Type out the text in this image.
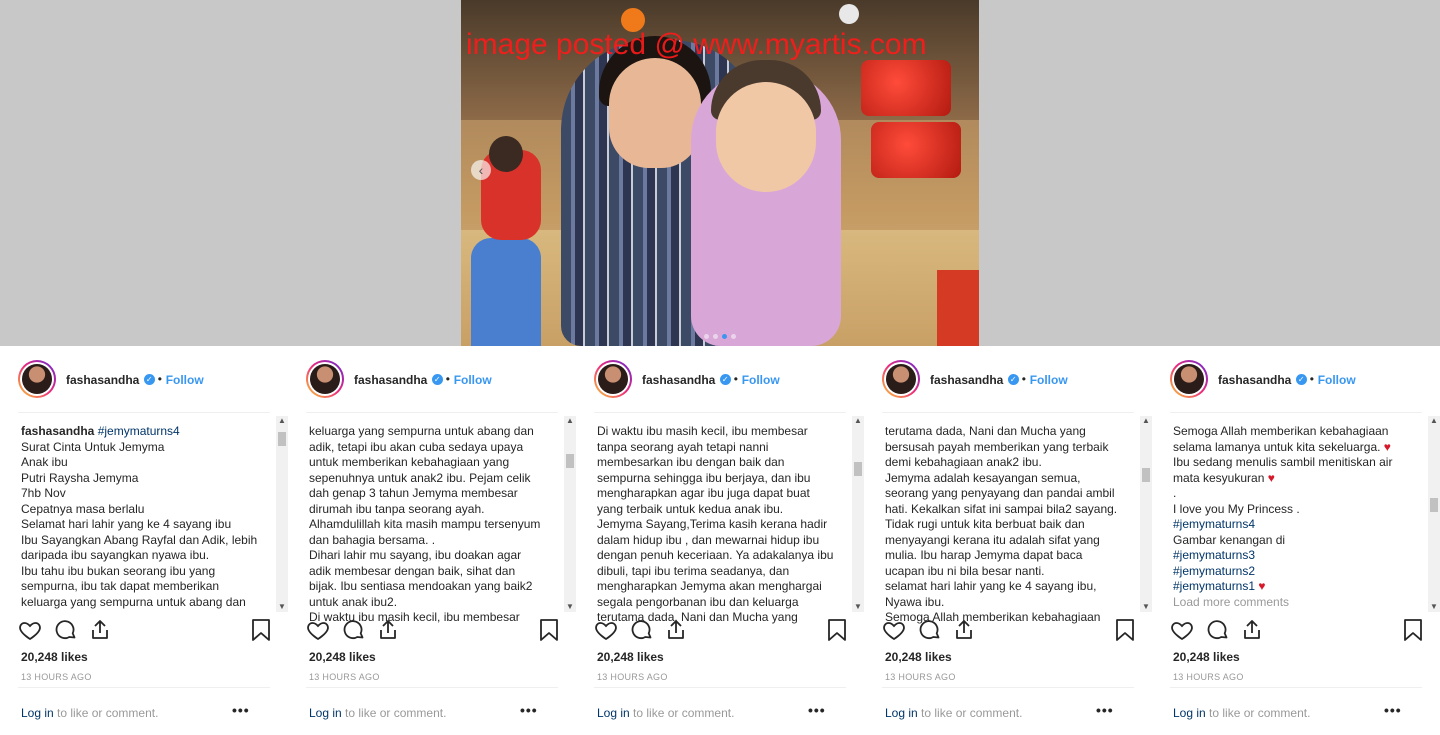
‹
image posted @ www.myartis.com
fashasandha ✓ • Follow
fashasandha #jemymaturns4
Surat Cinta Untuk Jemyma
Anak ibu
Putri Raysha Jemyma
7hb Nov
Cepatnya masa berlalu
Selamat hari lahir yang ke 4 sayang ibu
Ibu Sayangkan Abang Rayfal dan Adik, lebih
daripada ibu sayangkan nyawa ibu.
Ibu tahu ibu bukan seorang ibu yang
sempurna, ibu tak dapat memberikan
keluarga yang sempurna untuk abang dan
▲
▼
20,248 likes
13 HOURS AGO
Log in to like or comment.	•••
fashasandha ✓ • Follow
keluarga yang sempurna untuk abang dan
adik, tetapi ibu akan cuba sedaya upaya
untuk memberikan kebahagiaan yang
sepenuhnya untuk anak2 ibu. Pejam celik
dah genap 3 tahun Jemyma membesar
dirumah ibu tanpa seorang ayah.
Alhamdulillah kita masih mampu tersenyum
dan bahagia bersama. .
Dihari lahir mu sayang, ibu doakan agar
adik membesar dengan baik, sihat dan
bijak. Ibu sentiasa mendoakan yang baik2
untuk anak ibu2.
Di waktu ibu masih kecil, ibu membesar
▲
▼
20,248 likes
13 HOURS AGO
Log in to like or comment.	•••
fashasandha ✓ • Follow
Di waktu ibu masih kecil, ibu membesar
tanpa seorang ayah tetapi nanni
membesarkan ibu dengan baik dan
sempurna sehingga ibu berjaya, dan ibu
mengharapkan agar ibu juga dapat buat
yang terbaik untuk kedua anak ibu.
Jemyma Sayang,Terima kasih kerana hadir
dalam hidup ibu , dan mewarnai hidup ibu
dengan penuh keceriaan. Ya adakalanya ibu
dibuli, tapi ibu terima seadanya, dan
mengharapkan Jemyma akan menghargai
segala pengorbanan ibu dan keluarga
terutama dada, Nani dan Mucha yang
▲
▼
20,248 likes
13 HOURS AGO
Log in to like or comment.	•••
fashasandha ✓ • Follow
terutama dada, Nani dan Mucha yang
bersusah payah memberikan yang terbaik
demi kebahagiaan anak2 ibu.
Jemyma adalah kesayangan semua,
seorang yang penyayang dan pandai ambil
hati. Kekalkan sifat ini sampai bila2 sayang.
Tidak rugi untuk kita berbuat baik dan
menyayangi kerana itu adalah sifat yang
mulia. Ibu harap Jemyma dapat baca
ucapan ibu ni bila besar nanti.
selamat hari lahir yang ke 4 sayang ibu,
Nyawa ibu.
Semoga Allah memberikan kebahagiaan
▲
▼
20,248 likes
13 HOURS AGO
Log in to like or comment.	•••
fashasandha ✓ • Follow
Semoga Allah memberikan kebahagiaan
selama lamanya untuk kita sekeluarga. ♥
Ibu sedang menulis sambil menitiskan air
mata kesyukuran ♥
.
I love you My Princess .
#jemymaturns4
Gambar kenangan di
#jemymaturns3
#jemymaturns2
#jemymaturns1 ♥
Load more comments
▲
▼
20,248 likes
13 HOURS AGO
Log in to like or comment.	•••
